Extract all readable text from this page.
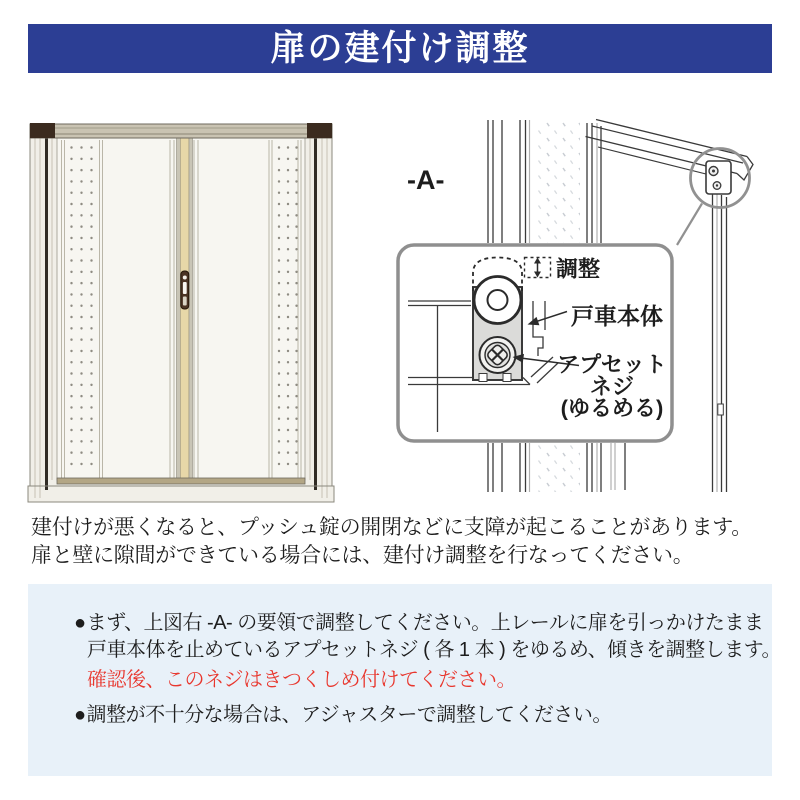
扉の建付け調整
-A-
調整
戸車本体
アプセット
ネジ
(ゆるめる)
建付けが悪くなると、プッシュ錠の開閉などに支障が起こることがあります。
扉と壁に隙間ができている場合には、建付け調整を行なってください。
●まず、上図右 -A- の要領で調整してください。上レールに扉を引っかけたまま
戸車本体を止めているアプセットネジ ( 各 1 本 ) をゆるめ、傾きを調整します。
確認後、このネジはきつくしめ付けてください。
●調整が不十分な場合は、アジャスターで調整してください。
